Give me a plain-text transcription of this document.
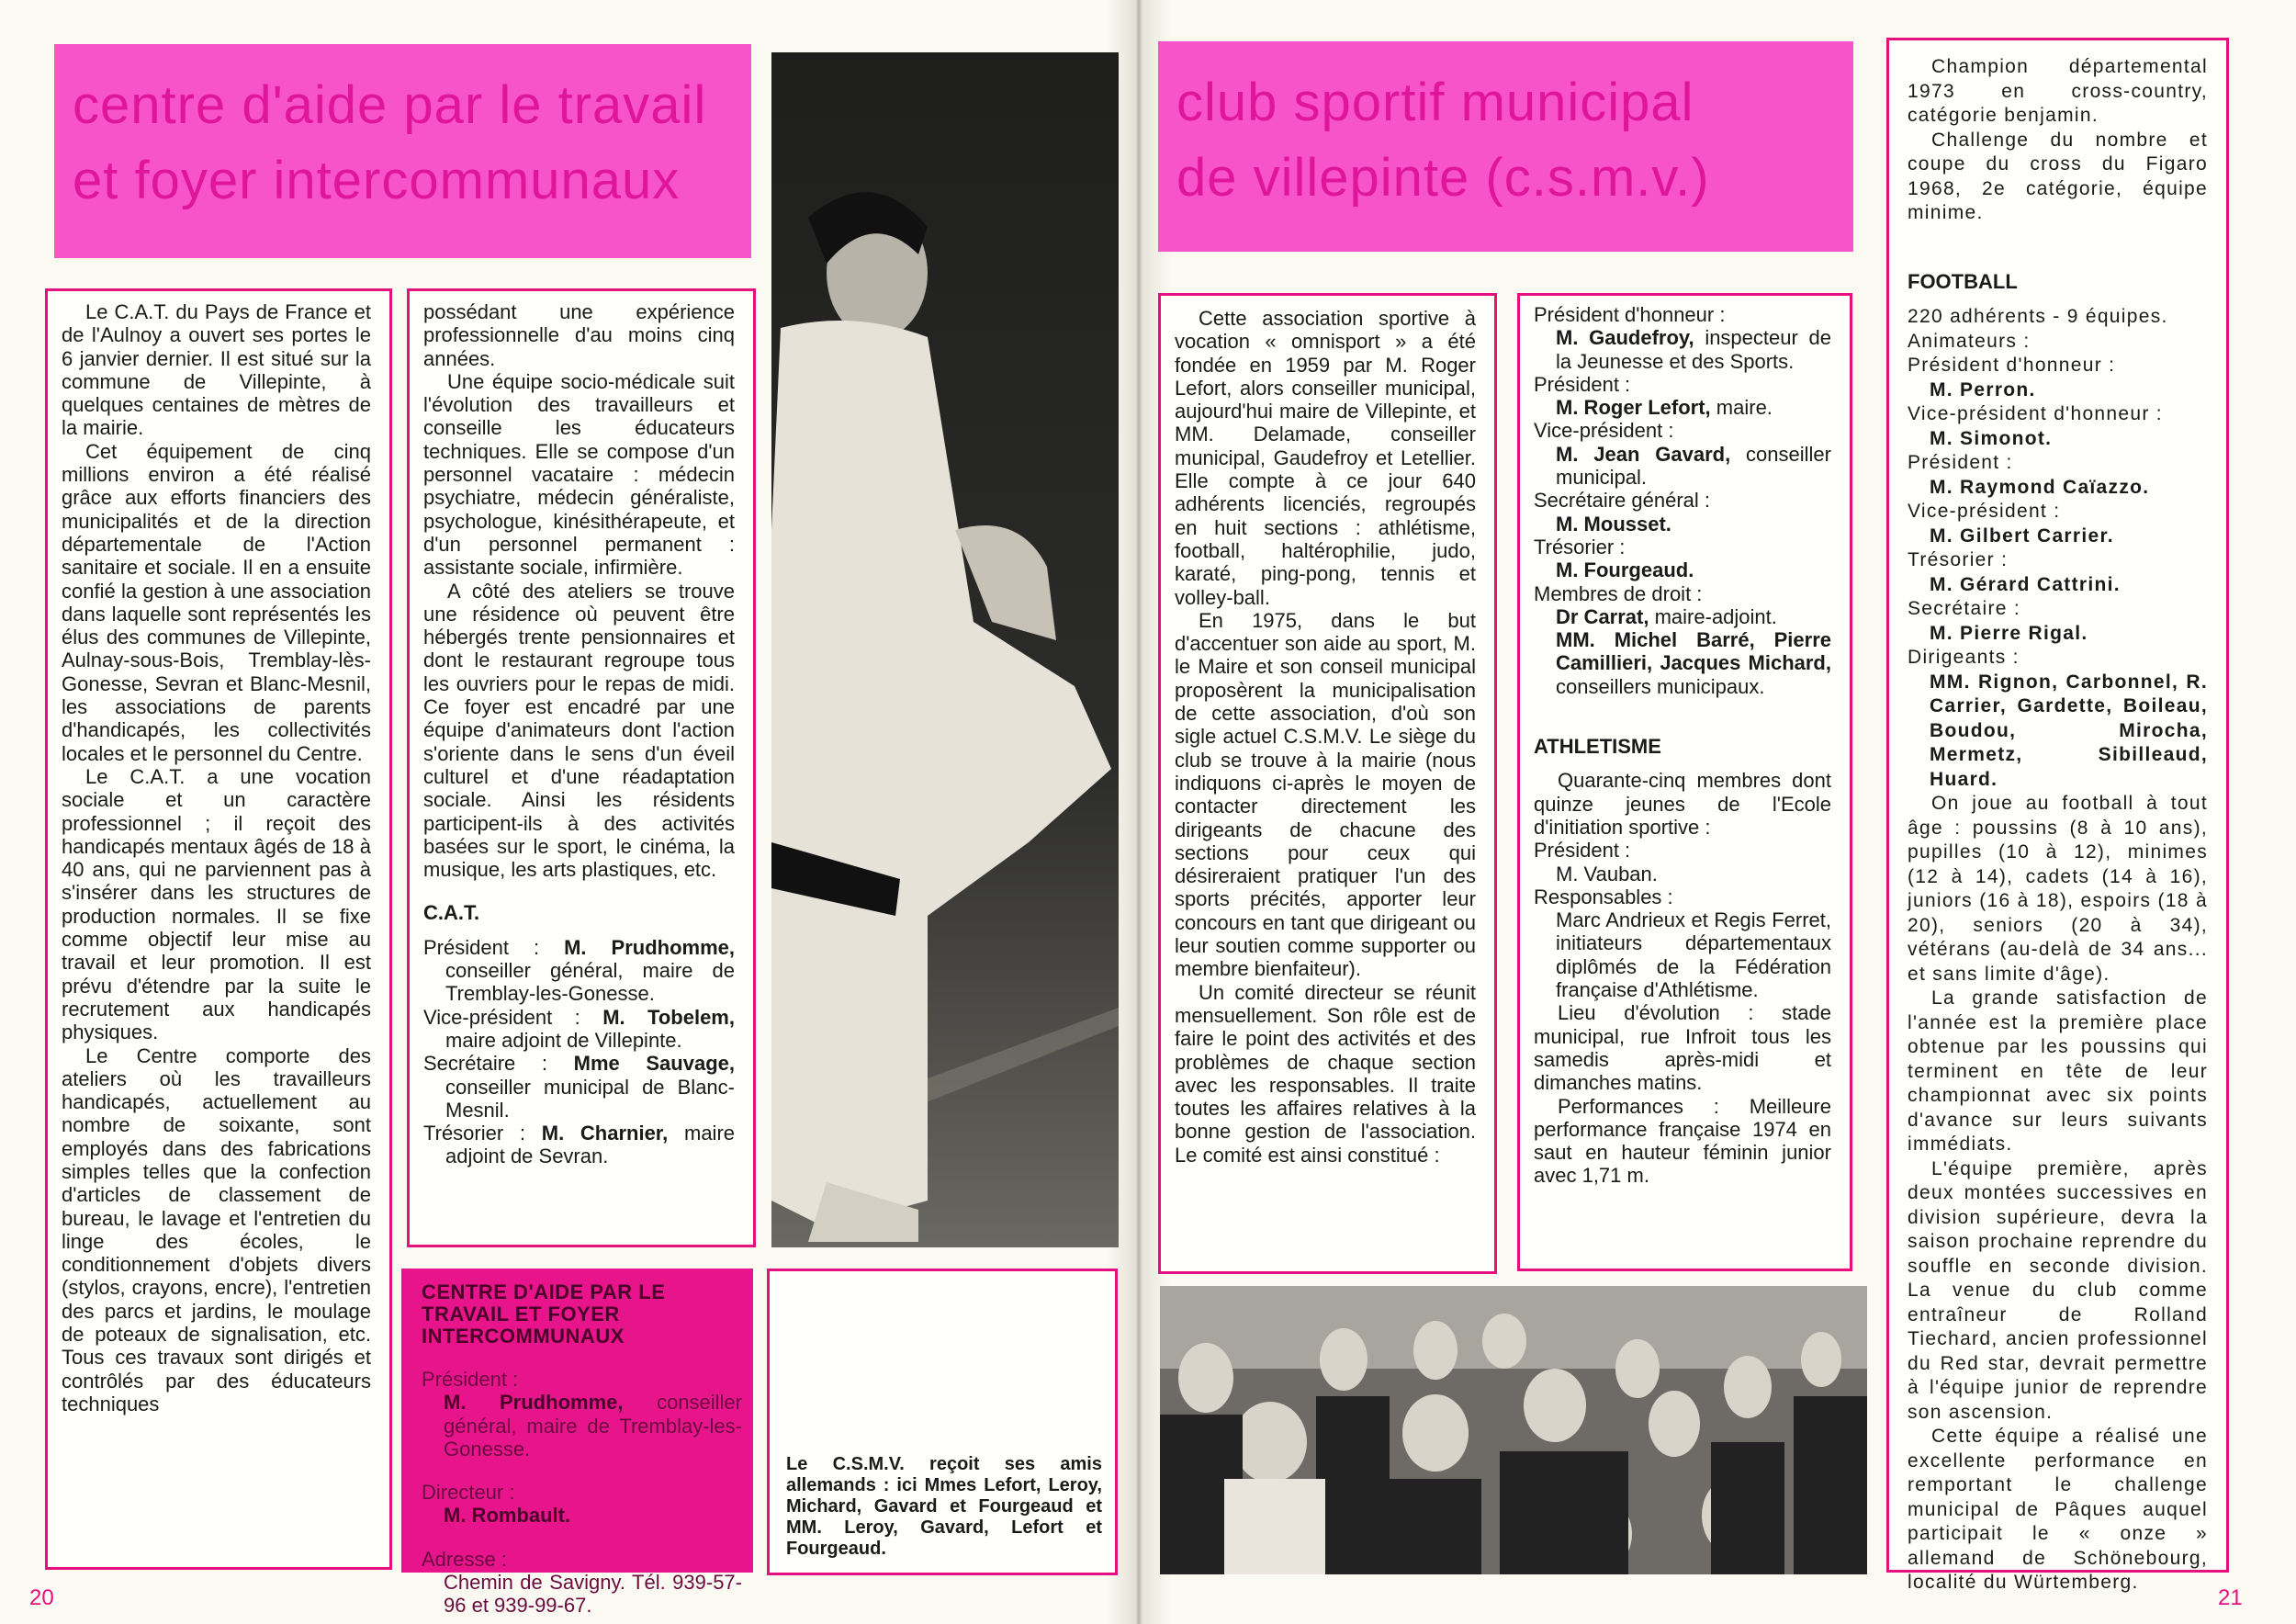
centre d'aide par le travail
et foyer intercommunaux

Le C.A.T. du Pays de France et de l'Aulnoy a ouvert ses portes le 6 janvier dernier. Il est situé sur la commune de Villepinte, à quelques centaines de mètres de la mairie.

Cet équipement de cinq millions environ a été réalisé grâce aux efforts financiers des municipalités et de la direction départementale de l'Action sanitaire et sociale. Il en a ensuite confié la gestion à une association dans laquelle sont représentés les élus des communes de Villepinte, Aulnay-sous-Bois, Tremblay-lès-Gonesse, Sevran et Blanc-Mesnil, les associations de parents d'handicapés, les collectivités locales et le personnel du Centre.

Le C.A.T. a une vocation sociale et un caractère professionnel ; il reçoit des handicapés mentaux âgés de 18 à 40 ans, qui ne parviennent pas à s'insérer dans les structures de production normales. Il se fixe comme objectif leur mise au travail et leur promotion. Il est prévu d'étendre par la suite le recrutement aux handicapés physiques.

Le Centre comporte des ateliers où les travailleurs handicapés, actuellement au nombre de soixante, sont employés dans des fabrications simples telles que la confection d'articles de classement de bureau, le lavage et l'entretien du linge des écoles, le conditionnement d'objets divers (stylos, crayons, encre), l'entretien des parcs et jardins, le moulage de poteaux de signalisation, etc. Tous ces travaux sont dirigés et contrôlés par des éducateurs techniques

possédant une expérience professionnelle d'au moins cinq années.

Une équipe socio-médicale suit l'évolution des travailleurs et conseille les éducateurs techniques. Elle se compose d'un personnel vacataire : médecin psychiatre, médecin généraliste, psychologue, kinésithérapeute, et d'un personnel permanent : assistante sociale, infirmière.

A côté des ateliers se trouve une résidence où peuvent être hébergés trente pensionnaires et dont le restaurant regroupe tous les ouvriers pour le repas de midi. Ce foyer est encadré par une équipe d'animateurs dont l'action s'oriente dans le sens d'un éveil culturel et d'une réadaptation sociale. Ainsi les résidents participent-ils à des activités basées sur le sport, le cinéma, la musique, les arts plastiques, etc.

C.A.T.

Président : M. Prudhomme, conseiller général, maire de Tremblay-les-Gonesse.

Vice-président : M. Tobelem, maire adjoint de Villepinte.

Secrétaire : Mme Sauvage, conseiller municipal de Blanc-Mesnil.

Trésorier : M. Charnier, maire adjoint de Sevran.

CENTRE D'AIDE PAR LE TRAVAIL ET FOYER INTERCOMMUNAUX

Président :
M. Prudhomme, conseiller général, maire de Tremblay-les-Gonesse.

Directeur :
M. Rombault.

Adresse :
Chemin de Savigny. Tél. 939-57-96 et 939-99-67.

Le C.S.M.V. reçoit ses amis allemands : ici Mmes Lefort, Leroy, Michard, Gavard et Fourgeaud et MM. Leroy, Gavard, Lefort et Fourgeaud.
20
club sportif municipal
de villepinte (c.s.m.v.)

Cette association sportive à vocation « omnisport » a été fondée en 1959 par M. Roger Lefort, alors conseiller municipal, aujourd'hui maire de Villepinte, et MM. Delamade, conseiller municipal, Gaudefroy et Letellier. Elle compte à ce jour 640 adhérents licenciés, regroupés en huit sections : athlétisme, football, haltérophilie, judo, karaté, ping-pong, tennis et volley-ball.

En 1975, dans le but d'accentuer son aide au sport, M. le Maire et son conseil municipal proposèrent la municipalisation de cette association, d'où son sigle actuel C.S.M.V. Le siège du club se trouve à la mairie (nous indiquons ci-après le moyen de contacter directement les dirigeants de chacune des sections pour ceux qui désireraient pratiquer l'un des sports précités, apporter leur concours en tant que dirigeant ou leur soutien comme supporter ou membre bienfaiteur).

Un comité directeur se réunit mensuellement. Son rôle est de faire le point des activités et des problèmes de chaque section avec les responsables. Il traite toutes les affaires relatives à la bonne gestion de l'association. Le comité est ainsi constitué :

Président d'honneur :
M. Gaudefroy, inspecteur de la Jeunesse et des Sports.

Président :
M. Roger Lefort, maire.

Vice-président :
M. Jean Gavard, conseiller municipal.

Secrétaire général :
M. Mousset.

Trésorier :
M. Fourgeaud.

Membres de droit :
Dr Carrat, maire-adjoint.

MM. Michel Barré, Pierre Camillieri, Jacques Michard, conseillers municipaux.

ATHLETISME

Quarante-cinq membres dont quinze jeunes de l'Ecole d'initiation sportive :

Président :
M. Vauban.

Responsables :
Marc Andrieux et Regis Ferret, initiateurs départementaux diplômés de la Fédération française d'Athlétisme.

Lieu d'évolution : stade municipal, rue Infroit tous les samedis après-midi et dimanches matins.

Performances : Meilleure performance française 1974 en saut en hauteur féminin junior avec 1,71 m.

Champion départemental 1973 en cross-country, catégorie benjamin.

Challenge du nombre et coupe du cross du Figaro 1968, 2e catégorie, équipe minime.

FOOTBALL

220 adhérents - 9 équipes.

Animateurs :

Président d'honneur :
M. Perron.

Vice-président d'honneur :
M. Simonot.

Président :
M. Raymond Caïazzo.

Vice-président :
M. Gilbert Carrier.

Trésorier :
M. Gérard Cattrini.

Secrétaire :
M. Pierre Rigal.

Dirigeants :
MM. Rignon, Carbonnel, R. Carrier, Gardette, Boileau, Boudou, Mirocha, Mermetz, Sibilleaud, Huard.

On joue au football à tout âge : poussins (8 à 10 ans), pupilles (10 à 12), minimes (12 à 14), cadets (14 à 16), juniors (16 à 18), espoirs (18 à 20), seniors (20 à 34), vétérans (au-delà de 34 ans... et sans limite d'âge).

La grande satisfaction de l'année est la première place obtenue par les poussins qui terminent en tête de leur championnat avec six points d'avance sur leurs suivants immédiats.

L'équipe première, après deux montées successives en division supérieure, devra la saison prochaine reprendre du souffle en seconde division. La venue du club comme entraîneur de Rolland Tiechard, ancien professionnel du Red star, devrait permettre à l'équipe junior de reprendre son ascension.

Cette équipe a réalisé une excellente performance en remportant le challenge municipal de Pâques auquel participait le « onze » allemand de Schönebourg, localité du Würtemberg.

21
